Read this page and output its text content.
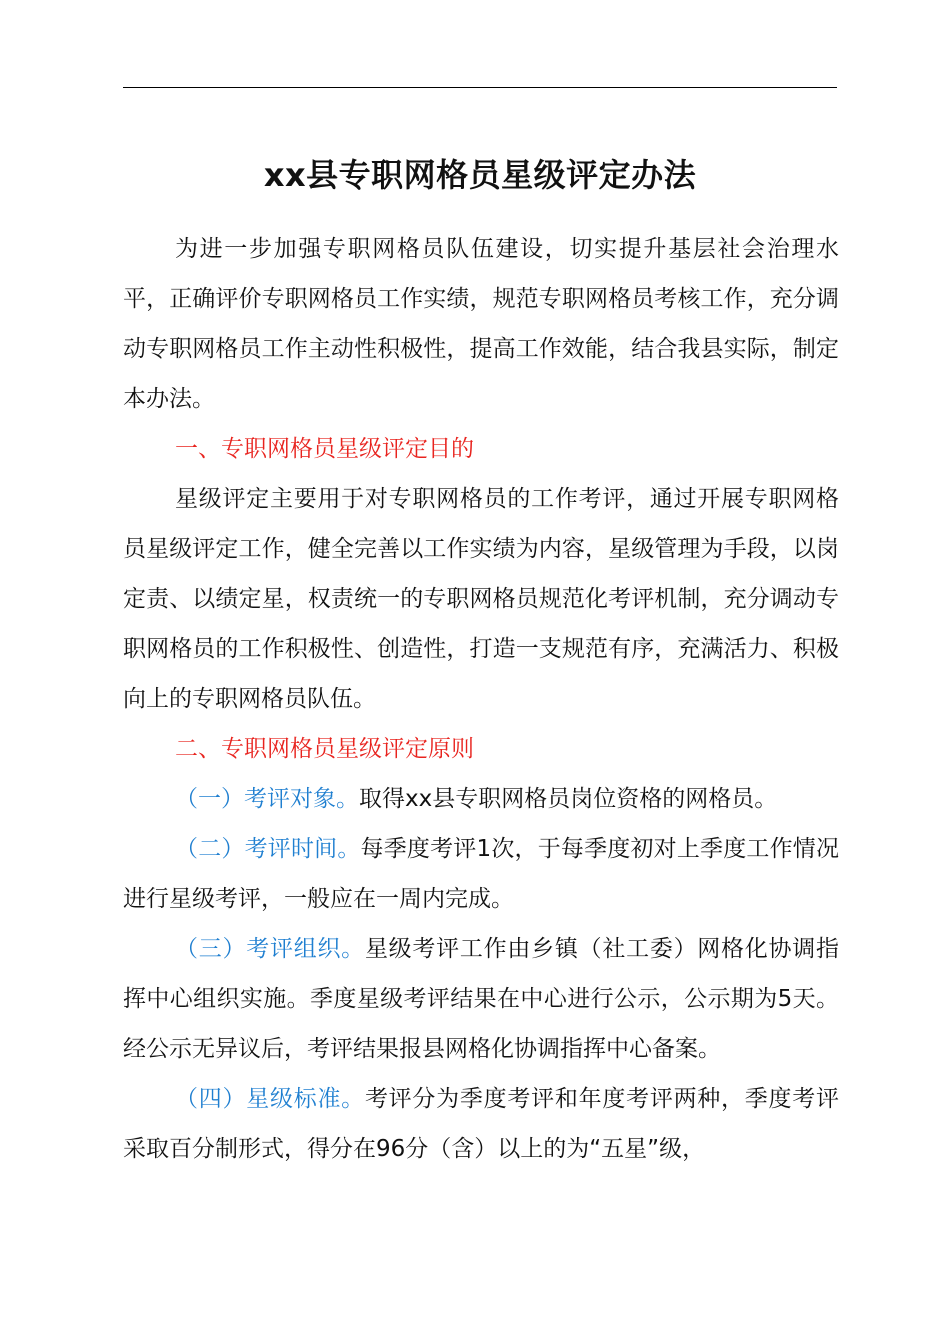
xx县专职网格员星级评定办法

为进一步加强专职网格员队伍建设，切实提升基层社会治理水平，正确评价专职网格员工作实绩，规范专职网格员考核工作，充分调动专职网格员工作主动性积极性，提高工作效能，结合我县实际，制定本办法。

一、专职网格员星级评定目的

星级评定主要用于对专职网格员的工作考评，通过开展专职网格员星级评定工作，健全完善以工作实绩为内容，星级管理为手段，以岗定责、以绩定星，权责统一的专职网格员规范化考评机制，充分调动专职网格员的工作积极性、创造性，打造一支规范有序，充满活力、积极向上的专职网格员队伍。

二、专职网格员星级评定原则

（一）考评对象。取得xx县专职网格员岗位资格的网格员。

（二）考评时间。每季度考评1次，于每季度初对上季度工作情况进行星级考评，一般应在一周内完成。

（三）考评组织。星级考评工作由乡镇（社工委）网格化协调指挥中心组织实施。季度星级考评结果在中心进行公示，公示期为5天。经公示无异议后，考评结果报县网格化协调指挥中心备案。

（四）星级标准。考评分为季度考评和年度考评两种，季度考评采取百分制形式，得分在96分（含）以上的为“五星”级，
